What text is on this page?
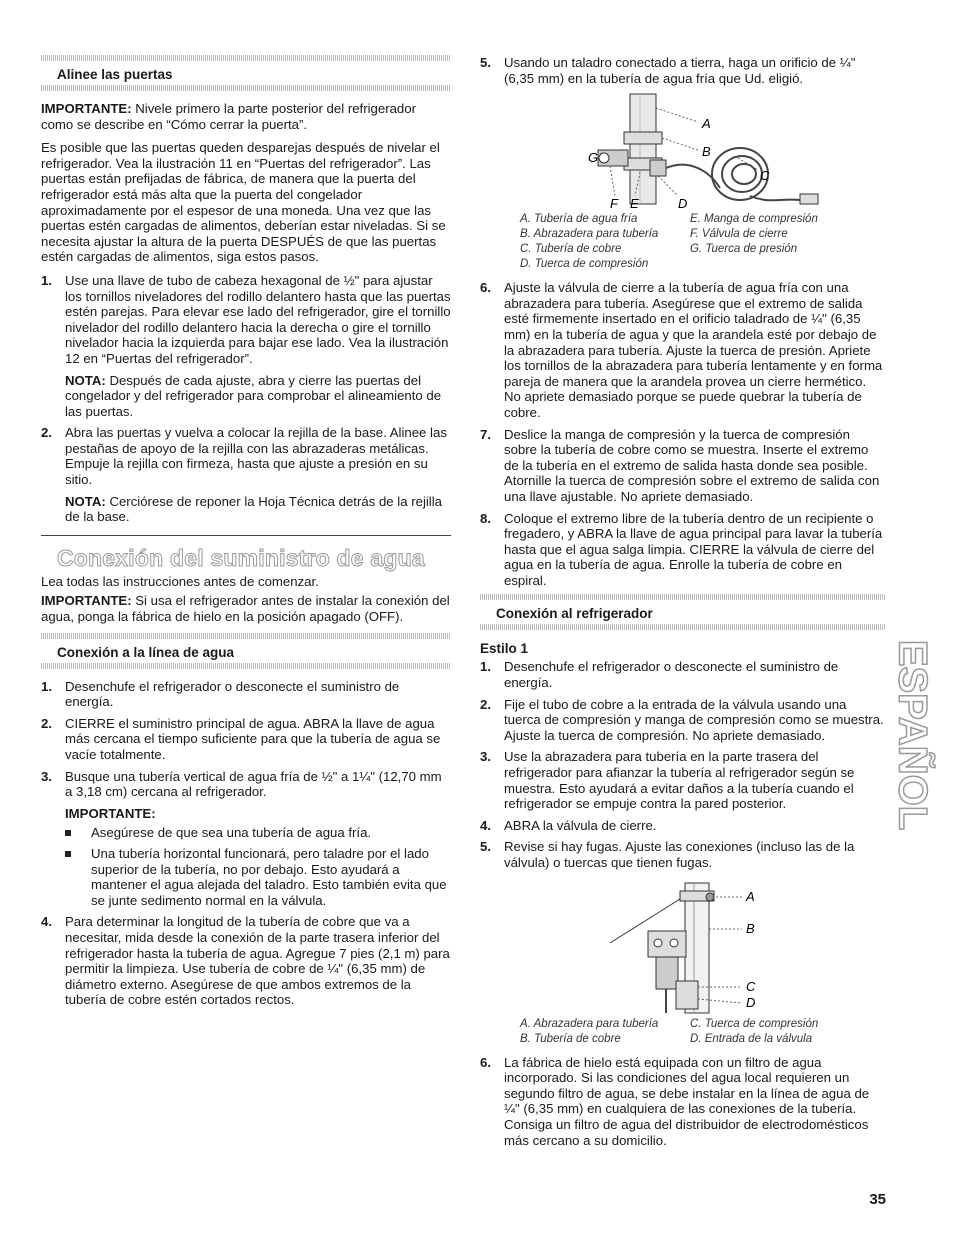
Alinee las puertas

IMPORTANTE: Nivele primero la parte posterior del refrigerador como se describe en “Cómo cerrar la puerta”.

Es posible que las puertas queden desparejas después de nivelar el refrigerador. Vea la ilustración 11 en “Puertas del refrigerador”. Las puertas están prefijadas de fábrica, de manera que la puerta del refrigerador está más alta que la puerta del congelador aproximadamente por el espesor de una moneda. Una vez que las puertas estén cargadas de alimentos, deberían estar niveladas. Si se necesita ajustar la altura de la puerta DESPUÉS de que las puertas estén cargadas de alimentos, siga estos pasos.

1. Use una llave de tubo de cabeza hexagonal de ½" para ajustar los tornillos niveladores del rodillo delantero hasta que las puertas estén parejas. Para elevar ese lado del refrigerador, gire el tornillo nivelador del rodillo delantero hacia la derecha o gire el tornillo nivelador hacia la izquierda para bajar ese lado. Vea la ilustración 12 en “Puertas del refrigerador”.

NOTA: Después de cada ajuste, abra y cierre las puertas del congelador y del refrigerador para comprobar el alineamiento de las puertas.

2. Abra las puertas y vuelva a colocar la rejilla de la base. Alinee las pestañas de apoyo de la rejilla con las abrazaderas metálicas. Empuje la rejilla con firmeza, hasta que ajuste a presión en su sitio.

NOTA: Cerciórese de reponer la Hoja Técnica detrás de la rejilla de la base.

Conexión del suministro de agua

Lea todas las instrucciones antes de comenzar.

IMPORTANTE: Si usa el refrigerador antes de instalar la conexión del agua, ponga la fábrica de hielo en la posición apagado (OFF).

Conexión a la línea de agua
1. Desenchufe el refrigerador o desconecte el suministro de energía.
2. CIERRE el suministro principal de agua. ABRA la llave de agua más cercana el tiempo suficiente para que la tubería de agua se vacíe totalmente.
3. Busque una tubería vertical de agua fría de ½" a 1¼" (12,70 mm a 3,18 cm) cercana al refrigerador.

IMPORTANTE:
Asegúrese de que sea una tubería de agua fría.
Una tubería horizontal funcionará, pero taladre por el lado superior de la tubería, no por debajo. Esto ayudará a mantener el agua alejada del taladro. Esto también evita que se junte sedimento normal en la válvula.
4. Para determinar la longitud de la tubería de cobre que va a necesitar, mida desde la conexión de la parte trasera inferior del refrigerador hasta la tubería de agua. Agregue 7 pies (2,1 m) para permitir la limpieza. Use tubería de cobre de ¼" (6,35 mm) de diámetro externo. Asegúrese de que ambos extremos de la tubería de cobre estén cortados rectos.
5. Usando un taladro conectado a tierra, haga un orificio de ¼" (6,35 mm) en la tubería de agua fría que Ud. eligió.
A
B
C
G
F E	D
A. Tubería de agua fría	E. Manga de compresión
B. Abrazadera para tubería	F. Válvula de cierre
C. Tubería de cobre	G. Tuerca de presión
D. Tuerca de compresión
6. Ajuste la válvula de cierre a la tubería de agua fría con una abrazadera para tubería. Asegúrese que el extremo de salida esté firmemente insertado en el orificio taladrado de ¼" (6,35 mm) en la tubería de agua y que la arandela esté por debajo de la abrazadera para tubería. Ajuste la tuerca de presión. Apriete los tornillos de la abrazadera para tubería lentamente y en forma pareja de manera que la arandela provea un cierre hermético. No apriete demasiado porque se puede quebrar la tubería de cobre.
7. Deslice la manga de compresión y la tuerca de compresión sobre la tubería de cobre como se muestra. Inserte el extremo de la tubería en el extremo de salida hasta donde sea posible. Atornille la tuerca de compresión sobre el extremo de salida con una llave ajustable. No apriete demasiado.
8. Coloque el extremo libre de la tubería dentro de un recipiente o fregadero, y ABRA la llave de agua principal para lavar la tubería hasta que el agua salga limpia. CIERRE la válvula de cierre del agua en la tubería de agua. Enrolle la tubería de cobre en espiral.
Conexión al refrigerador
Estilo 1
1. Desenchufe el refrigerador o desconecte el suministro de energía.
2. Fije el tubo de cobre a la entrada de la válvula usando una tuerca de compresión y manga de compresión como se muestra. Ajuste la tuerca de compresión. No apriete demasiado.
3. Use la abrazadera para tubería en la parte trasera del refrigerador para afianzar la tubería al refrigerador según se muestra. Esto ayudará a evitar daños a la tubería cuando el refrigerador se empuje contra la pared posterior.
4. ABRA la válvula de cierre.
5. Revise si hay fugas. Ajuste las conexiones (incluso las de la válvula) o tuercas que tienen fugas.
A
B
C
D
A. Abrazadera para tubería	C. Tuerca de compresión
B. Tubería de cobre	D. Entrada de la válvula
6. La fábrica de hielo está equipada con un filtro de agua incorporado. Si las condiciones del agua local requieren un segundo filtro de agua, se debe instalar en la línea de agua de ¼" (6,35 mm) en cualquiera de las conexiones de la tubería. Consiga un filtro de agua del distribuidor de electrodomésticos más cercano a su domicilio.
ESPAÑOL
35
